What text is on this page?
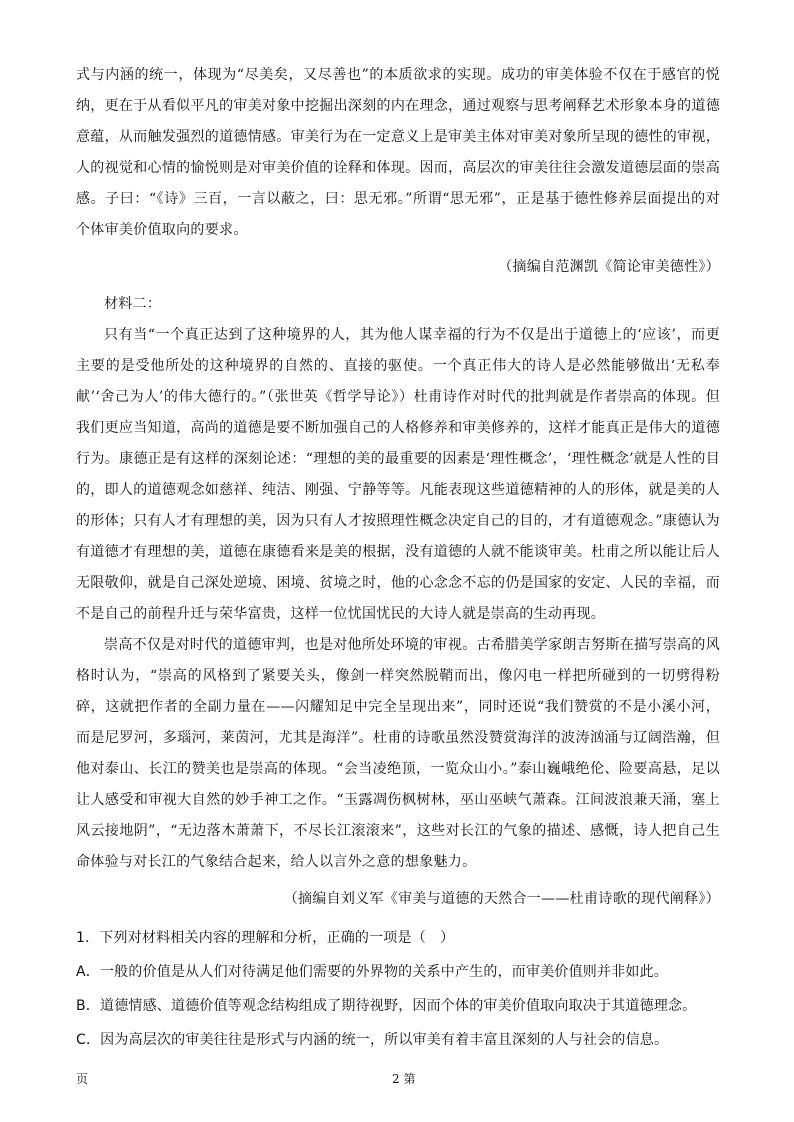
式与内涵的统一，体现为“尽美矣，又尽善也”的本质欲求的实现。成功的审美体验不仅在于感官的悦纳，更在于从看似平凡的审美对象中挖掘出深刻的内在理念，通过观察与思考阐释艺术形象本身的道德意蕴，从而触发强烈的道德情感。审美行为在一定意义上是审美主体对审美对象所呈现的德性的审视，人的视觉和心情的愉悦则是对审美价值的诠释和体现。因而，高层次的审美往往会激发道德层面的崇高感。子曰：“《诗》三百，一言以蔽之，曰：思无邪。”所谓“思无邪”，正是基于德性修养层面提出的对个体审美价值取向的要求。

（摘编自范渊凯《简论审美德性》）

材料二：

只有当“一个真正达到了这种境界的人，其为他人谋幸福的行为不仅是出于道德上的‘应该’，而更主要的是受他所处的这种境界的自然的、直接的驱使。一个真正伟大的诗人是必然能够做出‘无私奉献’‘舍己为人’的伟大德行的。”（张世英《哲学导论》）杜甫诗作对时代的批判就是作者崇高的体现。但我们更应当知道，高尚的道德是要不断加强自己的人格修养和审美修养的，这样才能真正是伟大的道德行为。康德正是有这样的深刻论述：“理想的美的最重要的因素是‘理性概念’，‘理性概念’就是人性的目的，即人的道德观念如慈祥、纯洁、刚强、宁静等等。凡能表现这些道德精神的人的形体，就是美的人的形体；只有人才有理想的美，因为只有人才按照理性概念决定自己的目的，才有道德观念。”康德认为有道德才有理想的美，道德在康德看来是美的根据，没有道德的人就不能谈审美。杜甫之所以能让后人无限敬仰，就是自己深处逆境、困境、贫境之时，他的心念念不忘的仍是国家的安定、人民的幸福，而不是自己的前程升迁与荣华富贵，这样一位忧国忧民的大诗人就是崇高的生动再现。

崇高不仅是对时代的道德审判，也是对他所处环境的审视。古希腊美学家朗吉努斯在描写崇高的风格时认为，“崇高的风格到了紧要关头，像剑一样突然脱鞘而出，像闪电一样把所碰到的一切劈得粉碎，这就把作者的全副力量在——闪耀知足中完全呈现出来”，同时还说“我们赞赏的不是小溪小河，而是尼罗河，多瑙河，莱茵河，尤其是海洋”。杜甫的诗歌虽然没赞赏海洋的波涛汹涌与辽阔浩瀚，但他对泰山、长江的赞美也是崇高的体现。“会当凌绝顶，一览众山小。”泰山巍峨绝伦、险要高悬，足以让人感受和审视大自然的妙手神工之作。“玉露凋伤枫树林，巫山巫峡气萧森。江间波浪兼天涌，塞上风云接地阴”，“无边落木萧萧下，不尽长江滚滚来”，这些对长江的气象的描述、感慨，诗人把自己生命体验与对长江的气象结合起来，给人以言外之意的想象魅力。

（摘编自刘义军《审美与道德的天然合一——杜甫诗歌的现代阐释》）

1．下列对材料相关内容的理解和分析，正确的一项是（　）

A．一般的价值是从人们对待满足他们需要的外界物的关系中产生的，而审美价值则并非如此。

B．道德情感、道德价值等观念结构组成了期待视野，因而个体的审美价值取向取决于其道德理念。

C．因为高层次的审美往往是形式与内涵的统一，所以审美有着丰富且深刻的人与社会的信息。

页	2 第
